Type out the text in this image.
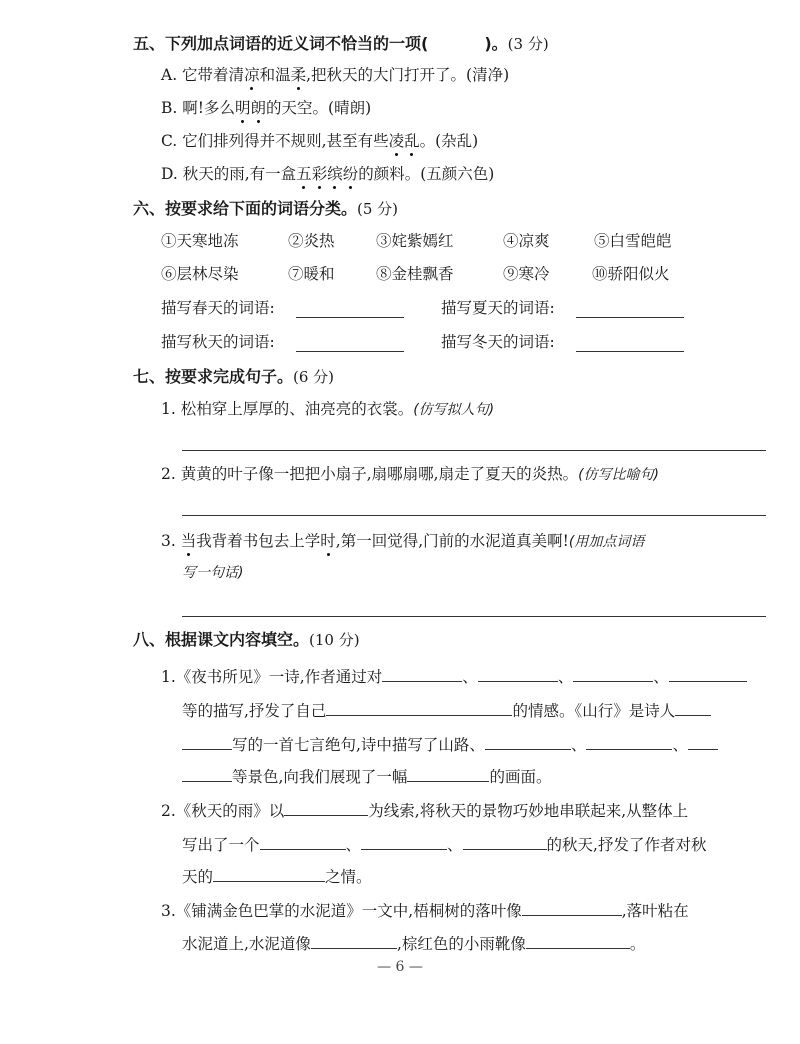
五、下列加点词语的近义词不恰当的一项(	)。(3 分)
A. 它带着清凉和温柔,把秋天的大门打开了。(清净)
B. 啊!多么明朗的天空。(晴朗)
C. 它们排列得并不规则,甚至有些凌乱。(杂乱)
D. 秋天的雨,有一盒五彩缤纷的颜料。(五颜六色)
六、按要求给下面的词语分类。(5 分)
①天寒地冻	②炎热	③姹紫嫣红	④凉爽	⑤白雪皑皑
⑥层林尽染	⑦暖和	⑧金桂飘香	⑨寒冷	⑩骄阳似火
描写春天的词语:	描写夏天的词语:
描写秋天的词语:	描写冬天的词语:
七、按要求完成句子。(6 分)
1. 松柏穿上厚厚的、油亮亮的衣裳。(仿写拟人句)
2. 黄黄的叶子像一把把小扇子,扇哪扇哪,扇走了夏天的炎热。(仿写比喻句)
3. 当我背着书包去上学时,第一回觉得,门前的水泥道真美啊!(用加点词语
写一句话)
八、根据课文内容填空。(10 分)
1.《夜书所见》一诗,作者通过对	、	、	、
等的描写,抒发了自己	的情感。《山行》是诗人
写的一首七言绝句,诗中描写了山路、	、	、
等景色,向我们展现了一幅	的画面。
2.《秋天的雨》以	为线索,将秋天的景物巧妙地串联起来,从整体上
写出了一个	、	、	的秋天,抒发了作者对秋
天的	之情。
3.《铺满金色巴掌的水泥道》一文中,梧桐树的落叶像	,落叶粘在
水泥道上,水泥道像	,棕红色的小雨靴像	。
— 6 —
